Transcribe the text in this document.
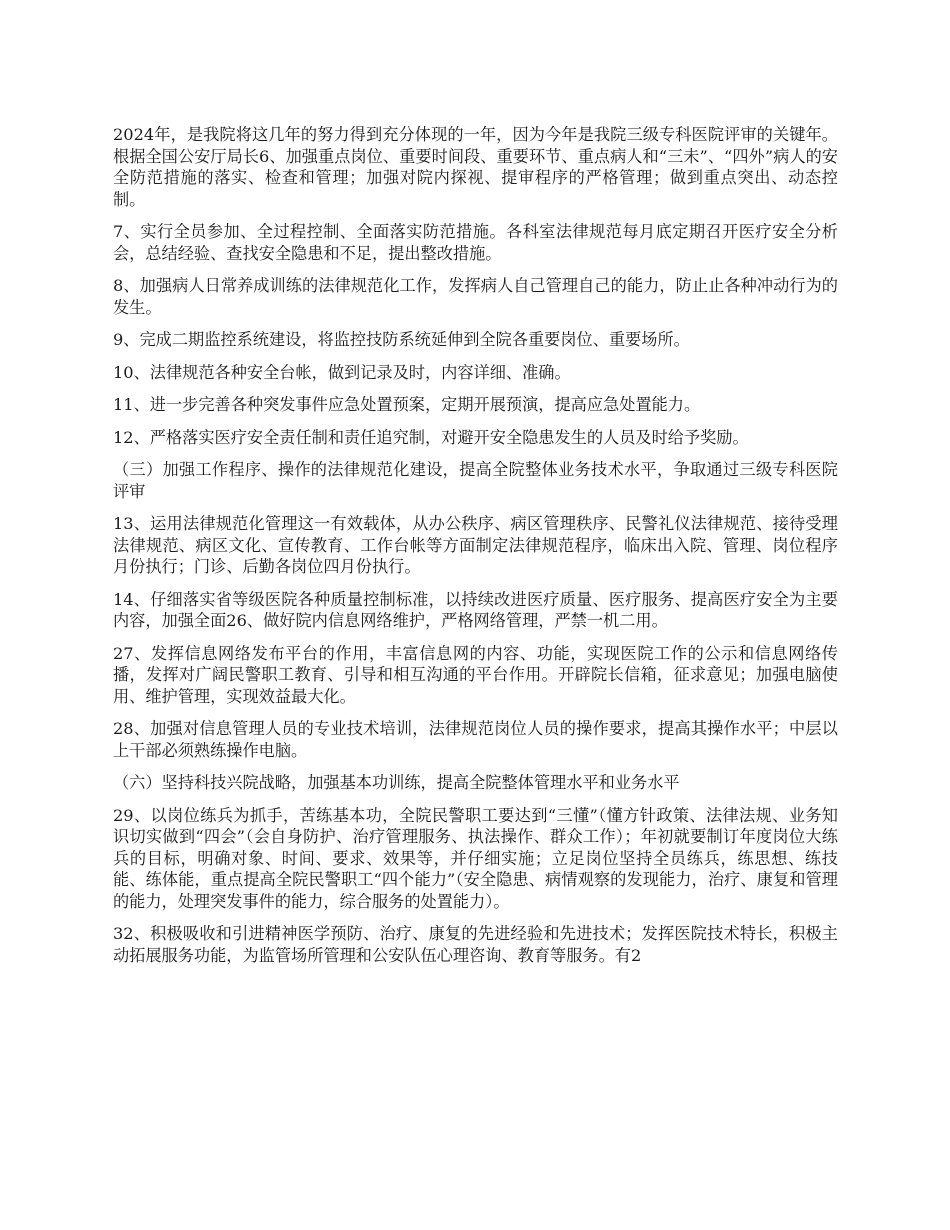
2024年，是我院将这几年的努力得到充分体现的一年，因为今年是我院三级专科医院评审的关键年。根据全国公安厅局长6、加强重点岗位、重要时间段、重要环节、重点病人和“三未”、“四外”病人的安全防范措施的落实、检查和管理；加强对院内探视、提审程序的严格管理；做到重点突出、动态控制。

7、实行全员参加、全过程控制、全面落实防范措施。各科室法律规范每月底定期召开医疗安全分析会，总结经验、查找安全隐患和不足，提出整改措施。

8、加强病人日常养成训练的法律规范化工作，发挥病人自己管理自己的能力，防止止各种冲动行为的发生。

9、完成二期监控系统建设，将监控技防系统延伸到全院各重要岗位、重要场所。

10、法律规范各种安全台帐，做到记录及时，内容详细、准确。

11、进一步完善各种突发事件应急处置预案，定期开展预演，提高应急处置能力。

12、严格落实医疗安全责任制和责任追究制，对避开安全隐患发生的人员及时给予奖励。

（三）加强工作程序、操作的法律规范化建设，提高全院整体业务技术水平，争取通过三级专科医院评审

13、运用法律规范化管理这一有效载体，从办公秩序、病区管理秩序、民警礼仪法律规范、接待受理法律规范、病区文化、宣传教育、工作台帐等方面制定法律规范程序，临床出入院、管理、岗位程序月份执行；门诊、后勤各岗位四月份执行。

14、仔细落实省等级医院各种质量控制标准，以持续改进医疗质量、医疗服务、提高医疗安全为主要内容，加强全面26、做好院内信息网络维护，严格网络管理，严禁一机二用。

27、发挥信息网络发布平台的作用，丰富信息网的内容、功能，实现医院工作的公示和信息网络传播，发挥对广阔民警职工教育、引导和相互沟通的平台作用。开辟院长信箱，征求意见；加强电脑使用、维护管理，实现效益最大化。

28、加强对信息管理人员的专业技术培训，法律规范岗位人员的操作要求，提高其操作水平；中层以上干部必须熟练操作电脑。

（六）坚持科技兴院战略，加强基本功训练，提高全院整体管理水平和业务水平

29、以岗位练兵为抓手，苦练基本功，全院民警职工要达到“三懂”（懂方针政策、法律法规、业务知识切实做到“四会”（会自身防护、治疗管理服务、执法操作、群众工作）；年初就要制订年度岗位大练兵的目标，明确对象、时间、要求、效果等，并仔细实施；立足岗位坚持全员练兵，练思想、练技能、练体能，重点提高全院民警职工“四个能力”（安全隐患、病情观察的发现能力，治疗、康复和管理的能力，处理突发事件的能力，综合服务的处置能力）。

32、积极吸收和引进精神医学预防、治疗、康复的先进经验和先进技术；发挥医院技术特长，积极主动拓展服务功能，为监管场所管理和公安队伍心理咨询、教育等服务。有2
